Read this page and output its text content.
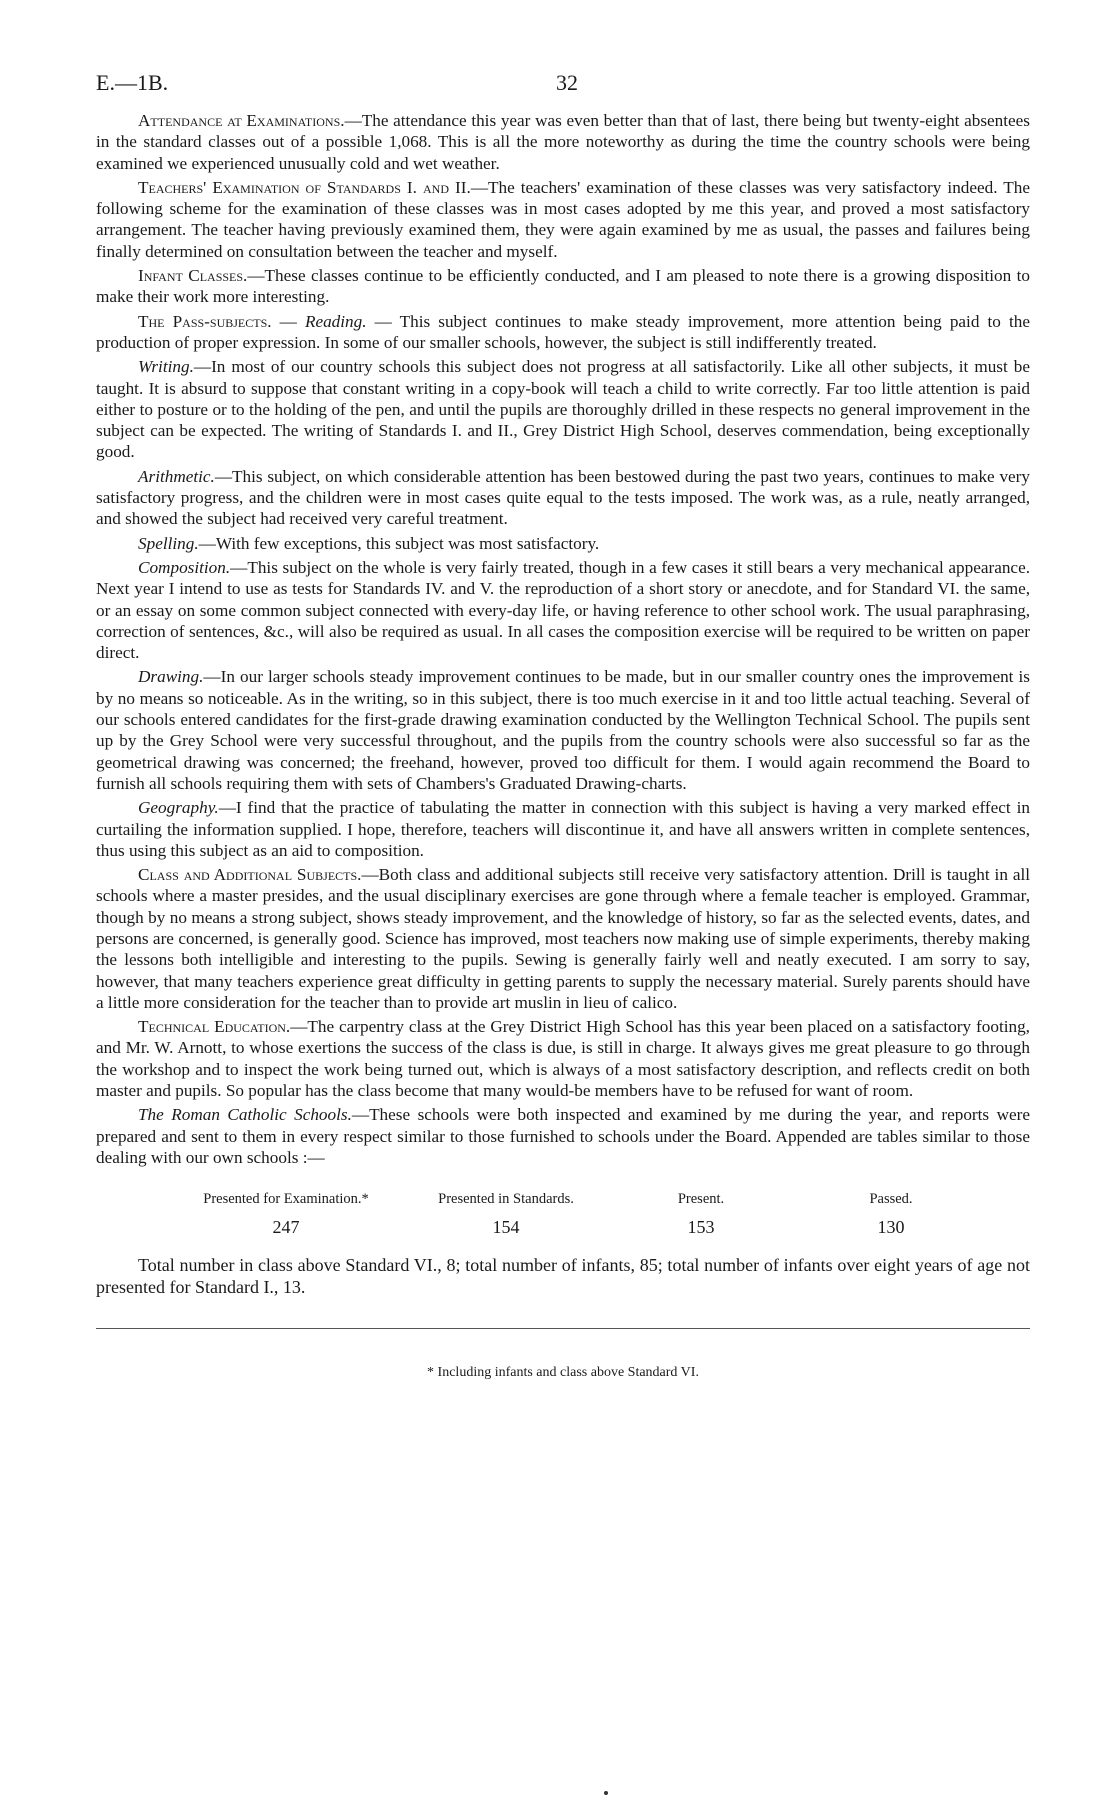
E.—1B.	32

Attendance at Examinations.—The attendance this year was even better than that of last, there being but twenty-eight absentees in the standard classes out of a possible 1,068. This is all the more noteworthy as during the time the country schools were being examined we experienced unusually cold and wet weather.

Teachers' Examination of Standards I. and II.—The teachers' examination of these classes was very satisfactory indeed. The following scheme for the examination of these classes was in most cases adopted by me this year, and proved a most satisfactory arrangement. The teacher having previously examined them, they were again examined by me as usual, the passes and failures being finally determined on consultation between the teacher and myself.

Infant Classes.—These classes continue to be efficiently conducted, and I am pleased to note there is a growing disposition to make their work more interesting.

The Pass-subjects. — Reading. — This subject continues to make steady improvement, more attention being paid to the production of proper expression. In some of our smaller schools, however, the subject is still indifferently treated.

Writing.—In most of our country schools this subject does not progress at all satisfactorily. Like all other subjects, it must be taught. It is absurd to suppose that constant writing in a copy-book will teach a child to write correctly. Far too little attention is paid either to posture or to the holding of the pen, and until the pupils are thoroughly drilled in these respects no general improvement in the subject can be expected. The writing of Standards I. and II., Grey District High School, deserves commendation, being exceptionally good.

Arithmetic.—This subject, on which considerable attention has been bestowed during the past two years, continues to make very satisfactory progress, and the children were in most cases quite equal to the tests imposed. The work was, as a rule, neatly arranged, and showed the subject had received very careful treatment.

Spelling.—With few exceptions, this subject was most satisfactory.

Composition.—This subject on the whole is very fairly treated, though in a few cases it still bears a very mechanical appearance. Next year I intend to use as tests for Standards IV. and V. the reproduction of a short story or anecdote, and for Standard VI. the same, or an essay on some common subject connected with every-day life, or having reference to other school work. The usual paraphrasing, correction of sentences, &c., will also be required as usual. In all cases the composition exercise will be required to be written on paper direct.

Drawing.—In our larger schools steady improvement continues to be made, but in our smaller country ones the improvement is by no means so noticeable. As in the writing, so in this subject, there is too much exercise in it and too little actual teaching. Several of our schools entered candidates for the first-grade drawing examination conducted by the Wellington Technical School. The pupils sent up by the Grey School were very successful throughout, and the pupils from the country schools were also successful so far as the geometrical drawing was concerned; the freehand, however, proved too difficult for them. I would again recommend the Board to furnish all schools requiring them with sets of Chambers's Graduated Drawing-charts.

Geography.—I find that the practice of tabulating the matter in connection with this subject is having a very marked effect in curtailing the information supplied. I hope, therefore, teachers will discontinue it, and have all answers written in complete sentences, thus using this subject as an aid to composition.

Class and Additional Subjects.—Both class and additional subjects still receive very satisfactory attention. Drill is taught in all schools where a master presides, and the usual disciplinary exercises are gone through where a female teacher is employed. Grammar, though by no means a strong subject, shows steady improvement, and the knowledge of history, so far as the selected events, dates, and persons are concerned, is generally good. Science has improved, most teachers now making use of simple experiments, thereby making the lessons both intelligible and interesting to the pupils. Sewing is generally fairly well and neatly executed. I am sorry to say, however, that many teachers experience great difficulty in getting parents to supply the necessary material. Surely parents should have a little more consideration for the teacher than to provide art muslin in lieu of calico.

Technical Education.—The carpentry class at the Grey District High School has this year been placed on a satisfactory footing, and Mr. W. Arnott, to whose exertions the success of the class is due, is still in charge. It always gives me great pleasure to go through the workshop and to inspect the work being turned out, which is always of a most satisfactory description, and reflects credit on both master and pupils. So popular has the class become that many would-be members have to be refused for want of room.

The Roman Catholic Schools.—These schools were both inspected and examined by me during the year, and reports were prepared and sent to them in every respect similar to those furnished to schools under the Board. Appended are tables similar to those dealing with our own schools :—

Presented for Examination.*	Presented in Standards.	Present.	Passed.
247	154	153	130

Total number in class above Standard VI., 8; total number of infants, 85; total number of infants over eight years of age not presented for Standard I., 13.

* Including infants and class above Standard VI.
